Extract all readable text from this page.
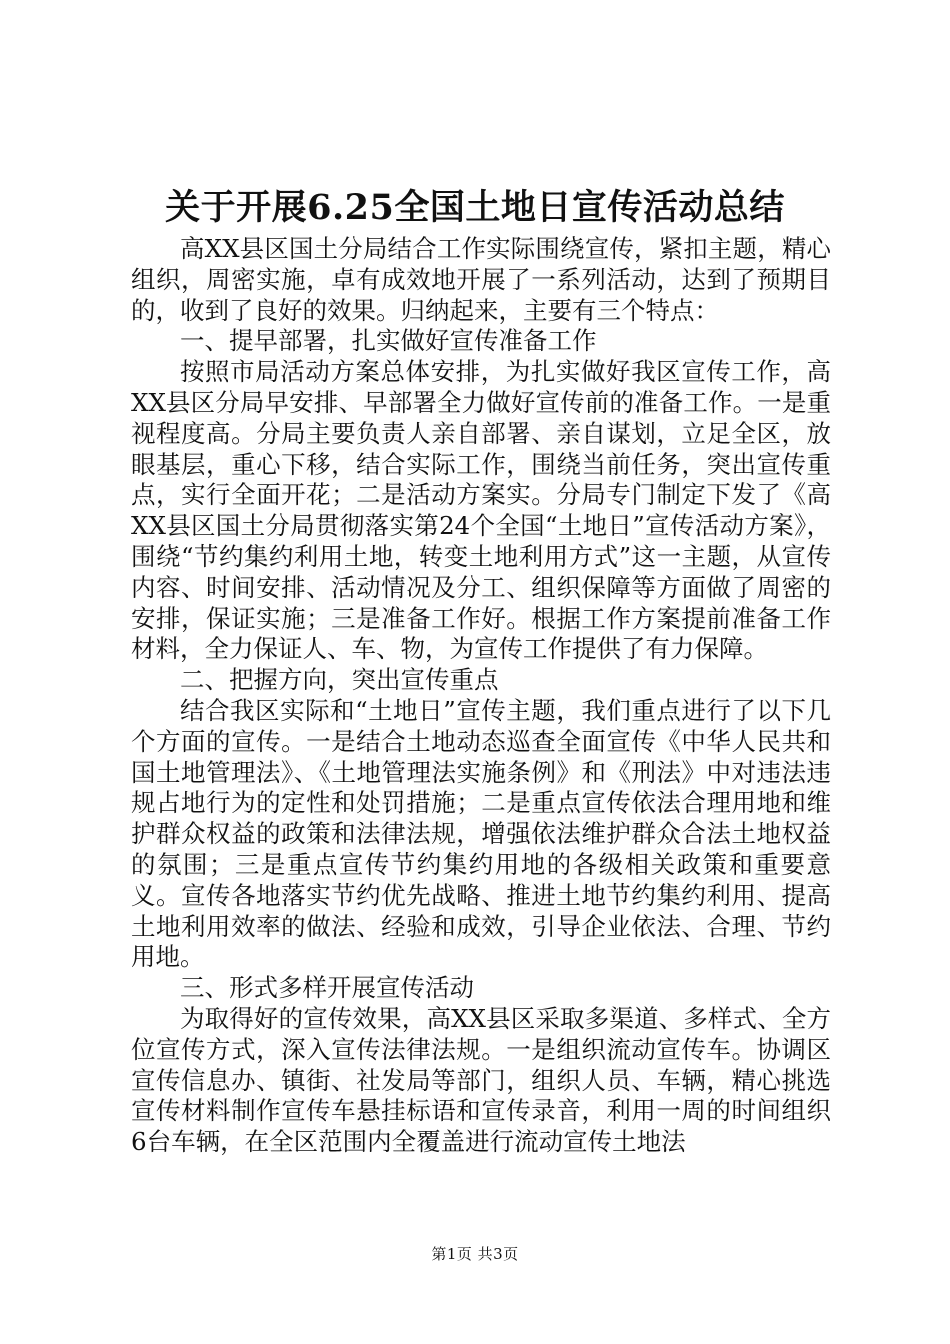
关于开展6.25全国土地日宣传活动总结

高XX县区国土分局结合工作实际围绕宣传，紧扣主题，精心组织，周密实施，卓有成效地开展了一系列活动，达到了预期目的，收到了良好的效果。归纳起来，主要有三个特点：

一、提早部署，扎实做好宣传准备工作

按照市局活动方案总体安排，为扎实做好我区宣传工作，高XX县区分局早安排、早部署全力做好宣传前的准备工作。一是重视程度高。分局主要负责人亲自部署、亲自谋划，立足全区，放眼基层，重心下移，结合实际工作，围绕当前任务，突出宣传重点，实行全面开花；二是活动方案实。分局专门制定下发了《高XX县区国土分局贯彻落实第24个全国“土地日”宣传活动方案》，围绕“节约集约利用土地，转变土地利用方式”这一主题，从宣传内容、时间安排、活动情况及分工、组织保障等方面做了周密的安排，保证实施；三是准备工作好。根据工作方案提前准备工作材料，全力保证人、车、物，为宣传工作提供了有力保障。

二、把握方向，突出宣传重点

结合我区实际和“土地日”宣传主题，我们重点进行了以下几个方面的宣传。一是结合土地动态巡查全面宣传《中华人民共和国土地管理法》、《土地管理法实施条例》和《刑法》中对违法违规占地行为的定性和处罚措施；二是重点宣传依法合理用地和维护群众权益的政策和法律法规，增强依法维护群众合法土地权益的氛围；三是重点宣传节约集约用地的各级相关政策和重要意义。宣传各地落实节约优先战略、推进土地节约集约利用、提高土地利用效率的做法、经验和成效，引导企业依法、合理、节约用地。

三、形式多样开展宣传活动

为取得好的宣传效果，高XX县区采取多渠道、多样式、全方位宣传方式，深入宣传法律法规。一是组织流动宣传车。协调区宣传信息办、镇街、社发局等部门，组织人员、车辆，精心挑选宣传材料制作宣传车悬挂标语和宣传录音，利用一周的时间组织6台车辆，在全区范围内全覆盖进行流动宣传土地法

第1页 共3页
